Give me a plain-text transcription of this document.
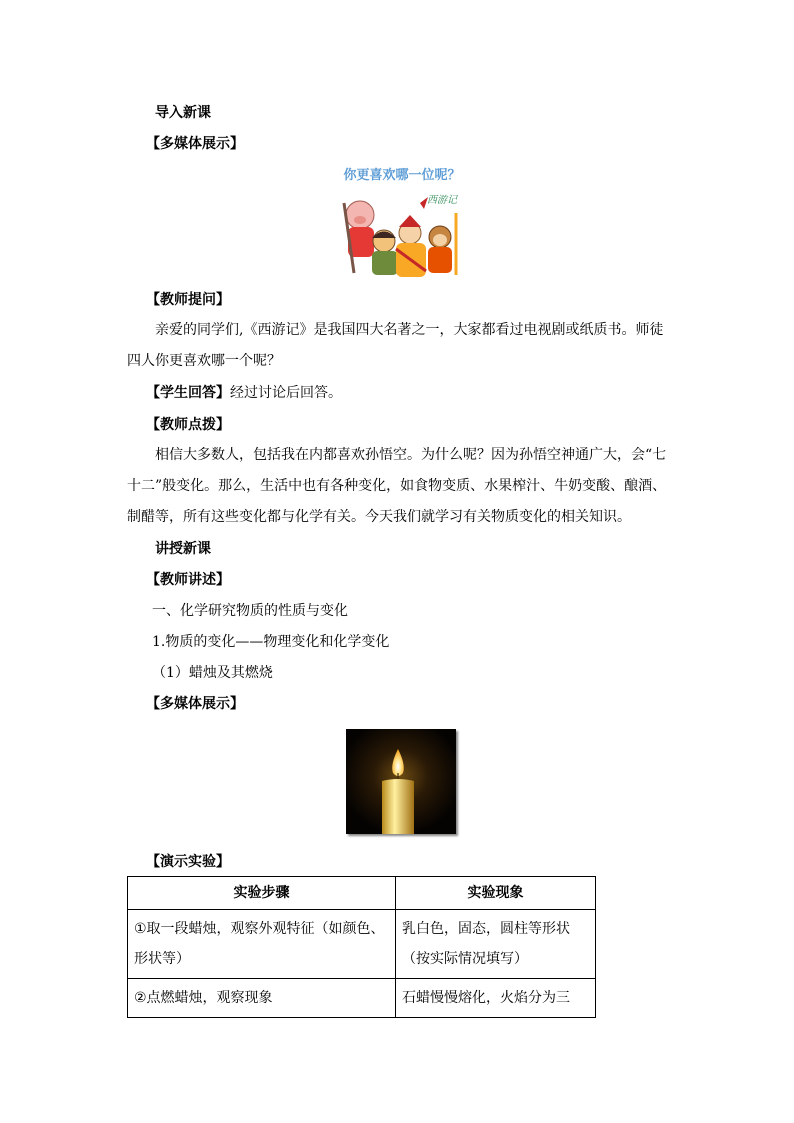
导入新课
【多媒体展示】
你更喜欢哪一位呢？
西游记
【教师提问】
亲爱的同学们,《西游记》是我国四大名著之一，大家都看过电视剧或纸质书。师徒四人你更喜欢哪一个呢？
【学生回答】经过讨论后回答。
【教师点拨】
相信大多数人，包括我在内都喜欢孙悟空。为什么呢？因为孙悟空神通广大，会“七十二”般变化。那么，生活中也有各种变化，如食物变质、水果榨汁、牛奶变酸、酿酒、制醋等，所有这些变化都与化学有关。今天我们就学习有关物质变化的相关知识。
讲授新课
【教师讲述】
一、化学研究物质的性质与变化
1.物质的变化——物理变化和化学变化
（1）蜡烛及其燃烧
【多媒体展示】
【演示实验】
实验步骤	实验现象
①取一段蜡烛，观察外观特征（如颜色、形状等）	乳白色，固态，圆柱等形状（按实际情况填写）
②点燃蜡烛，观察现象	石蜡慢慢熔化，火焰分为三
